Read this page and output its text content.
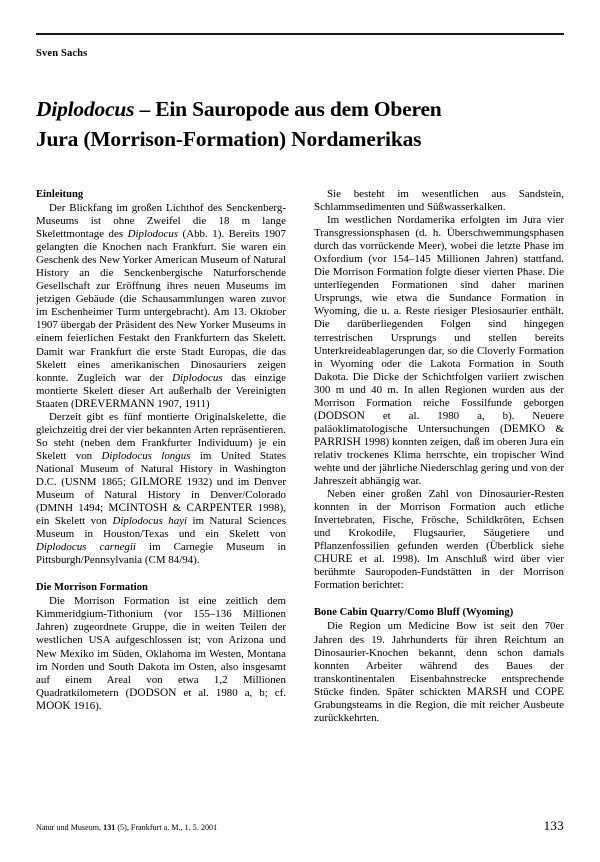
Sven Sachs
Diplodocus – Ein Sauropode aus dem Oberen
Jura (Morrison-Formation) Nordamerikas
Einleitung

Der Blickfang im großen Lichthof des Senckenberg-Museums ist ohne Zweifel die 18 m lange Skelettmontage des Diplodocus (Abb. 1). Bereits 1907 gelangten die Knochen nach Frankfurt. Sie waren ein Geschenk des New Yorker American Museum of Natural History an die Senckenbergische Naturforschende Gesellschaft zur Eröffnung ihres neuen Museums im jetzigen Gebäude (die Schausammlungen waren zuvor im Eschenheimer Turm untergebracht). Am 13. Oktober 1907 übergab der Präsident des New Yorker Museums in einem feierlichen Festakt den Frankfurtern das Skelett. Damit war Frankfurt die erste Stadt Europas, die das Skelett eines amerikanischen Dinosauriers zeigen konnte. Zugleich war der Diplodocus das einzige montierte Skelett dieser Art außerhalb der Vereinigten Staaten (DREVERMANN 1907, 1911)

Derzeit gibt es fünf montierte Originalskelette, die gleichzeitig drei der vier bekannten Arten repräsentieren. So steht (neben dem Frankfurter Individuum) je ein Skelett von Diplodocus longus im United States National Museum of Natural History in Washington D.C. (USNM 1865; GILMORE 1932) und im Denver Museum of Natural History in Denver/Colorado (DMNH 1494; MCINTOSH & CARPENTER 1998), ein Skelett von Diplodocus hayi im Natural Sciences Museum in Houston/Texas und ein Skelett von Diplodocus carnegii im Carnegie Museum in Pittsburgh/Pennsylvania (CM 84/94).

Die Morrison Formation

Die Morrison Formation ist eine zeitlich dem Kimmeridgium-Tithonium (vor 155–136 Millionen Jahren) zugeordnete Gruppe, die in weiten Teilen der westlichen USA aufgeschlossen ist; von Arizona und New Mexiko im Süden, Oklahoma im Westen, Montana im Norden und South Dakota im Osten, also insgesamt auf einem Areal von etwa 1,2 Millionen Quadratkilometern (DODSON et al. 1980 a, b; cf. MOOK 1916).

Sie besteht im wesentlichen aus Sandstein, Schlammsedimenten und Süßwasserkalken.

Im westlichen Nordamerika erfolgten im Jura vier Transgressionsphasen (d. h. Überschwemmungsphasen durch das vorrückende Meer), wobei die letzte Phase im Oxfordium (vor 154–145 Millionen Jahren) stattfand. Die Morrison Formation folgte dieser vierten Phase. Die unterliegenden Formationen sind daher marinen Ursprungs, wie etwa die Sundance Formation in Wyoming, die u. a. Reste riesiger Plesiosaurier enthält. Die darüberliegenden Folgen sind hingegen terrestrischen Ursprungs und stellen bereits Unterkreideablagerungen dar, so die Cloverly Formation in Wyoming oder die Lakota Formation in South Dakota. Die Dicke der Schichtfolgen variiert zwischen 300 m und 40 m. In allen Regionen wurden aus der Morrison Formation reiche Fossilfunde geborgen (DODSON et al. 1980 a, b). Neuere paläoklimatologische Untersuchungen (DEMKO & PARRISH 1998) konnten zeigen, daß im oberen Jura ein relativ trockenes Klima herrschte, ein tropischer Wind wehte und der jährliche Niederschlag gering und von der Jahreszeit abhängig war.

Neben einer großen Zahl von Dinosaurier-Resten konnten in der Morrison Formation auch etliche Invertebraten, Fische, Frösche, Schildkröten, Echsen und Krokodile, Flugsaurier, Säugetiere und Pflanzenfossilien gefunden werden (Überblick siehe CHURE et al. 1998). Im Anschluß wird über vier berühmte Sauropoden-Fundstätten in der Morrison Formation berichtet:

Bone Cabin Quarry/Como Bluff (Wyoming)

Die Region um Medicine Bow ist seit den 70er Jahren des 19. Jahrhunderts für ihren Reichtum an Dinosaurier-Knochen bekannt, denn schon damals konnten Arbeiter während des Baues der transkontinentalen Eisenbahnstrecke entsprechende Stücke finden. Später schickten MARSH und COPE Grabungsteams in die Region, die mit reicher Ausbeute zurückkehrten.

Natur und Museum, 131 (5), Frankfurt a. M., 1. 5. 2001	133
